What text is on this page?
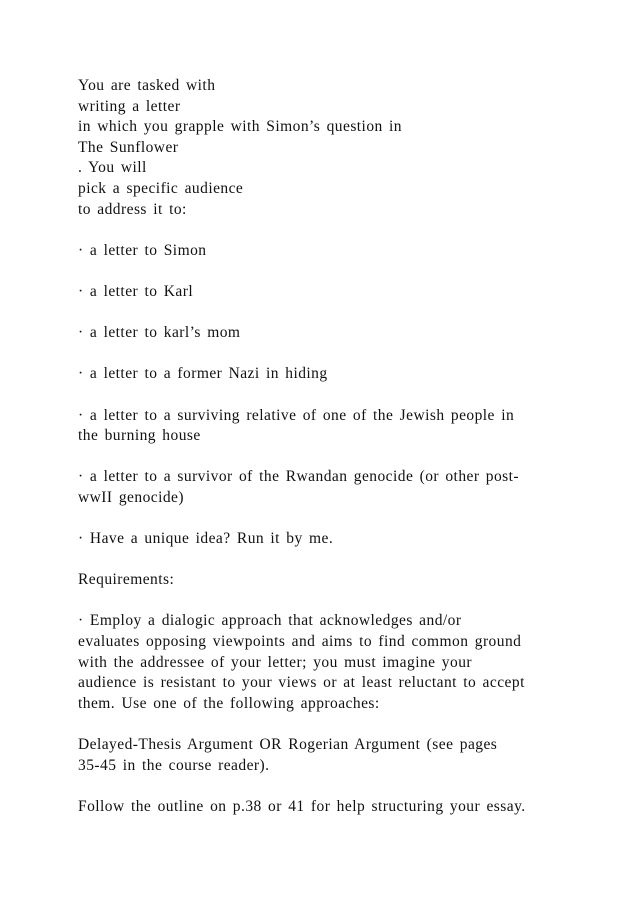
You are tasked with
writing a letter
in which you grapple with Simon’s question in
The Sunflower
. You will
pick a specific audience
to address it to:
· a letter to Simon
· a letter to Karl
· a letter to karl’s mom
· a letter to a former Nazi in hiding
· a letter to a surviving relative of one of the Jewish people in
the burning house
· a letter to a survivor of the Rwandan genocide (or other post-
wwII genocide)
· Have a unique idea? Run it by me.
Requirements:
· Employ a dialogic approach that acknowledges and/or
evaluates opposing viewpoints and aims to find common ground
with the addressee of your letter; you must imagine your
audience is resistant to your views or at least reluctant to accept
them. Use one of the following approaches:
Delayed-Thesis Argument OR Rogerian Argument (see pages
35-45 in the course reader).
Follow the outline on p.38 or 41 for help structuring your essay.
